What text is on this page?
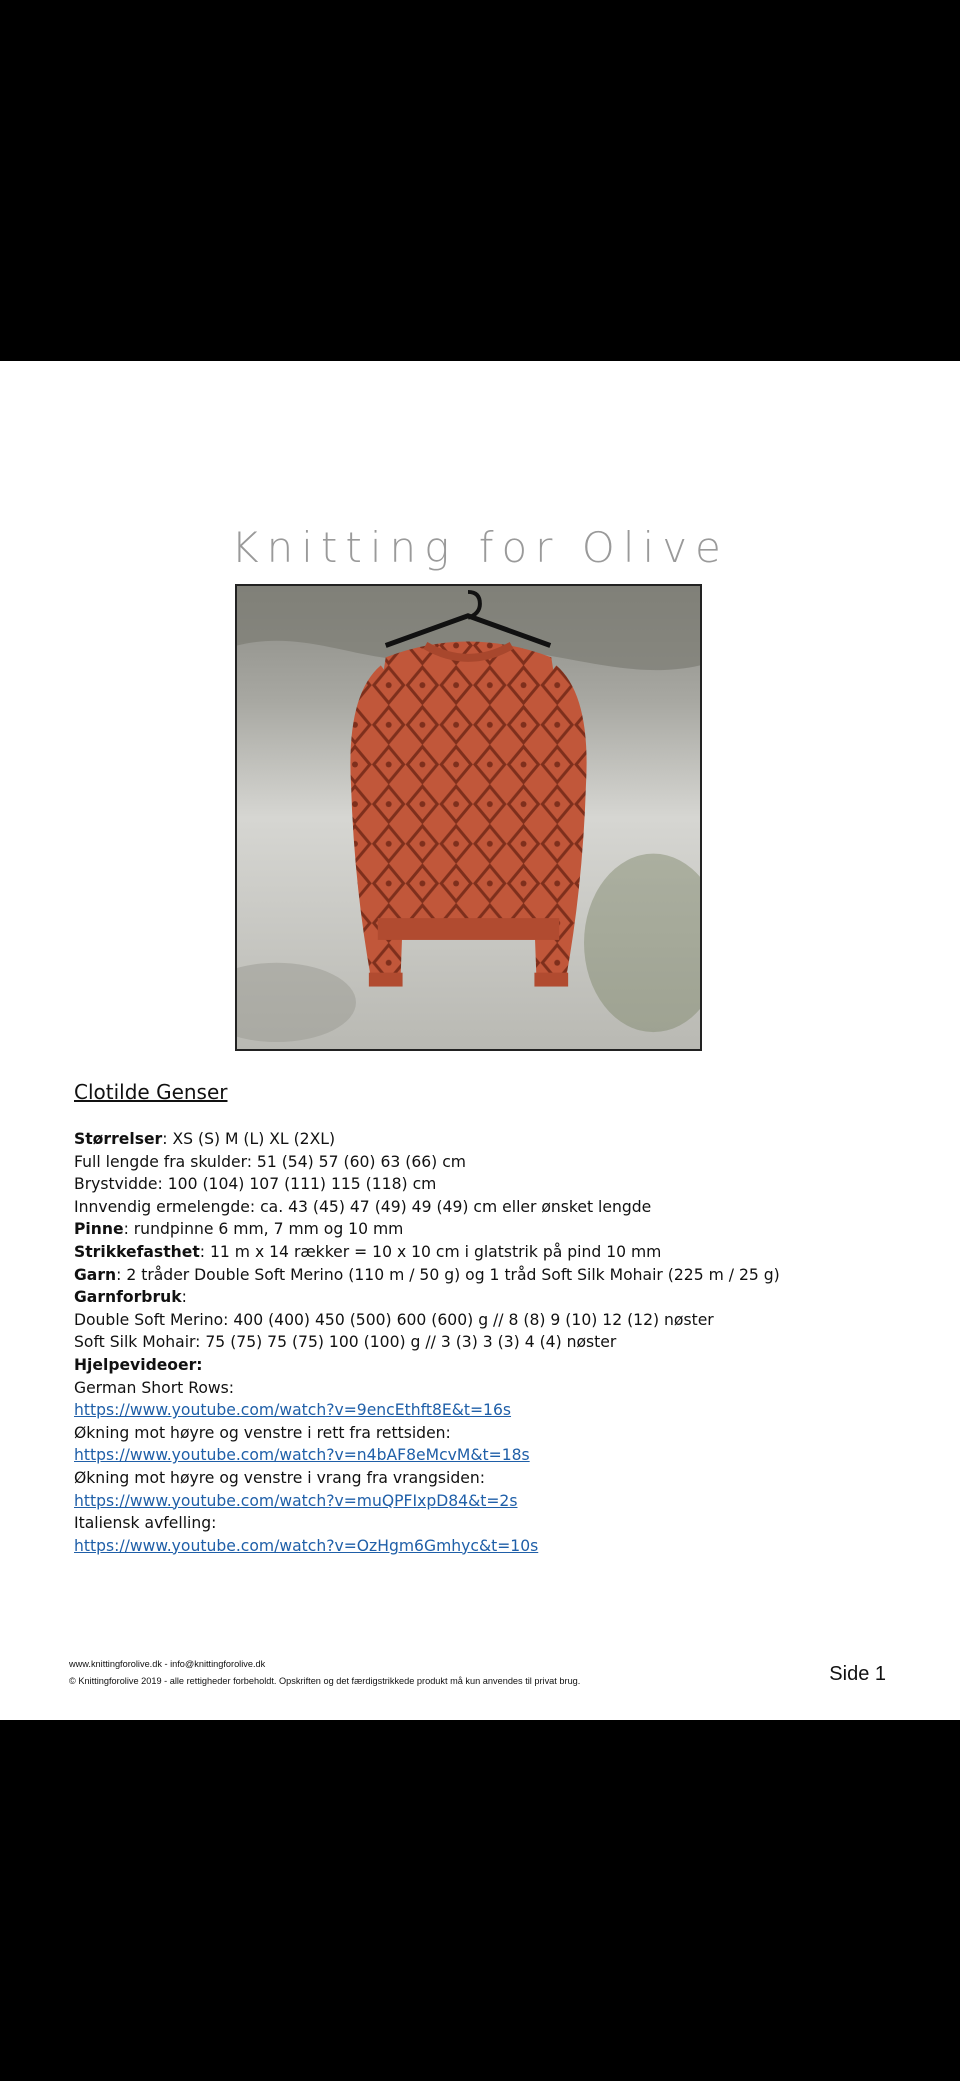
Knitting for Olive
Clotilde Genser
Størrelser: XS (S) M (L) XL (2XL)
Full lengde fra skulder: 51 (54) 57 (60) 63 (66) cm
Brystvidde: 100 (104) 107 (111) 115 (118) cm
Innvendig ermelengde: ca. 43 (45) 47 (49) 49 (49) cm eller ønsket lengde
Pinne: rundpinne 6 mm, 7 mm og 10 mm
Strikkefasthet: 11 m x 14 rækker = 10 x 10 cm i glatstrik på pind 10 mm
Garn: 2 tråder Double Soft Merino (110 m / 50 g) og 1 tråd Soft Silk Mohair (225 m / 25 g)
Garnforbruk:
Double Soft Merino: 400 (400) 450 (500) 600 (600) g // 8 (8) 9 (10) 12 (12) nøster
Soft Silk Mohair: 75 (75) 75 (75) 100 (100) g // 3 (3) 3 (3) 4 (4) nøster
Hjelpevideoer:
German Short Rows:
https://www.youtube.com/watch?v=9encEthft8E&t=16s
Økning mot høyre og venstre i rett fra rettsiden:
https://www.youtube.com/watch?v=n4bAF8eMcvM&t=18s
Økning mot høyre og venstre i vrang fra vrangsiden:
https://www.youtube.com/watch?v=muQPFIxpD84&t=2s
Italiensk avfelling:
https://www.youtube.com/watch?v=OzHgm6Gmhyc&t=10s
www.knittingforolive.dk - info@knittingforolive.dk
© Knittingforolive 2019 - alle rettigheder forbeholdt. Opskriften og det færdigstrikkede produkt må kun anvendes til privat brug.	Side 1
